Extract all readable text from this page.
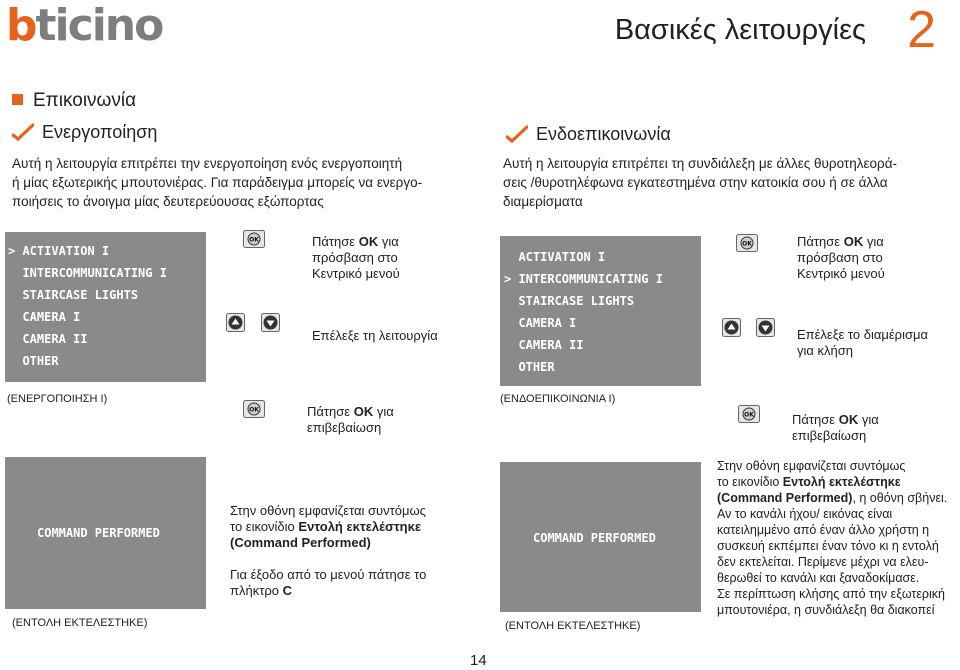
bticino	Βασικές λειτουργίες 2
Επικοινωνία
Ενεργοποίηση
Αυτή η λειτουργία επιτρέπει την ενεργοποίηση ενός ενεργοποιητή
ή μίας εξωτερικής μπουτονιέρας. Για παράδειγμα μπορείς να ενεργο-
ποιήσεις το άνοιγμα μίας δευτερεύουσας εξώπορτας
> ACTIVATION I
INTERCOMMUNICATING I
STAIRCASE LIGHTS
CAMERA I
CAMERA II
OTHER
OK	Πάτησε OK για
πρόσβαση στο
Κεντρικό μενού
Επέλεξε τη λειτουργία
(ΕΝΕΡΓΟΠΟΙΗΣΗ I)
OK	Πάτησε OK για
επιβεβαίωση
COMMAND PERFORMED
Στην οθόνη εμφανίζεται συντόμως
το εικονίδιο Εντολή εκτελέστηκε
(Command Performed)
Για έξοδο από το μενού πάτησε το
πλήκτρο C
(ΕΝΤΟΛΗ ΕΚΤΕΛΕΣΤΗΚΕ)
Ενδοεπικοινωνία
Αυτή η λειτουργία επιτρέπει τη συνδιάλεξη με άλλες θυροτηλεορά-
σεις /θυροτηλέφωνα εγκατεστημένα στην κατοικία σου ή σε άλλα
διαμερίσματα
ACTIVATION I
> INTERCOMMUNICATING I
STAIRCASE LIGHTS
CAMERA I
CAMERA II
OTHER
OK	Πάτησε OK για
πρόσβαση στο
Κεντρικό μενού
Επέλεξε το διαμέρισμα
για κλήση
(ΕΝΔΟΕΠΙΚΟΙΝΩΝΙΑ I)
OK	Πάτησε OK για
επιβεβαίωση
COMMAND PERFORMED
Στην οθόνη εμφανίζεται συντόμως
το εικονίδιο Εντολή εκτελέστηκε
(Command Performed), η οθόνη σβήνει.
Αν το κανάλι ήχου/ εικόνας είναι
κατειλημμένο από έναν άλλο χρήστη η
συσκευή εκπέμπει έναν τόνο κι η εντολή
δεν εκτελείται. Περίμενε μέχρι να ελευ-
θερωθεί το κανάλι και ξαναδοκίμασε.
Σε περίπτωση κλήσης από την εξωτερική
μπουτονιέρα, η συνδιάλεξη θα διακοπεί
(ΕΝΤΟΛΗ ΕΚΤΕΛΕΣΤΗΚΕ)
14
